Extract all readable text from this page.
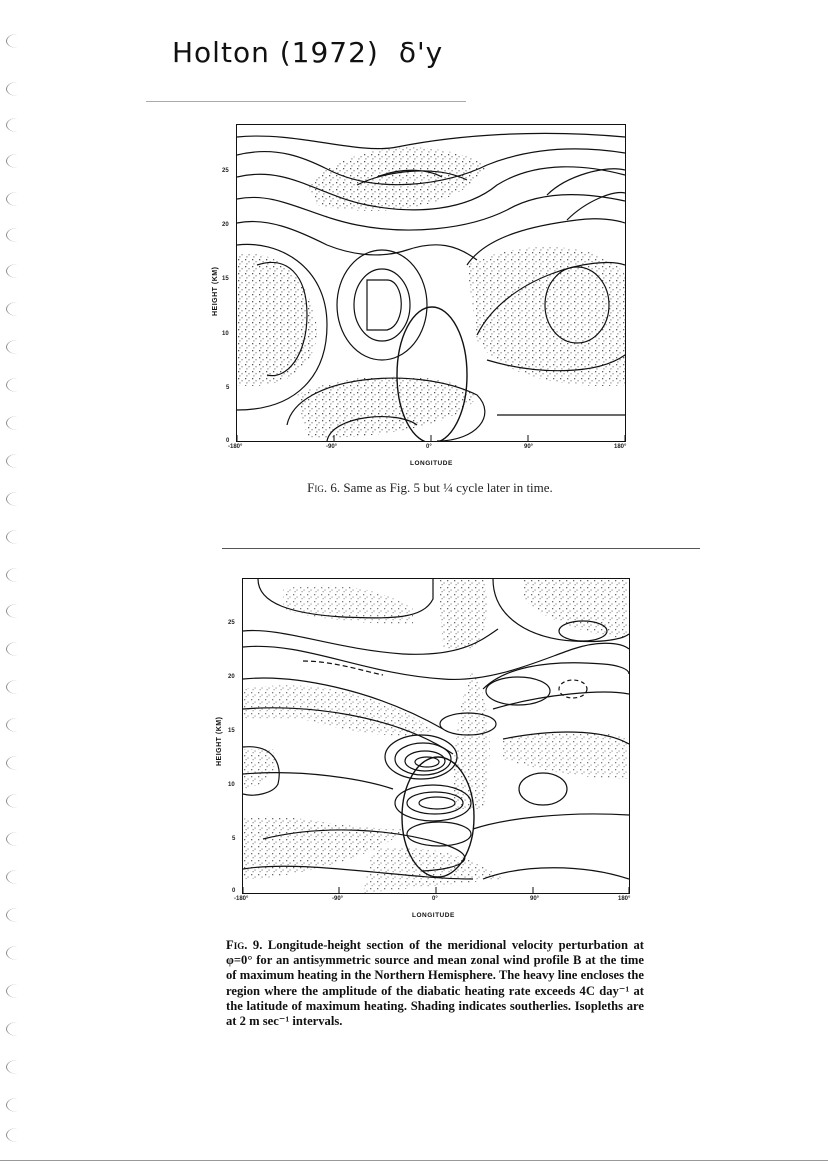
Holton (1972) δ'y
HEIGHT (KM)
25
20
15
10
5
0
-180°	-90°	0°	90°	180°
LONGITUDE
Fig. 6. Same as Fig. 5 but ¼ cycle later in time.
HEIGHT (KM)
25
20
15
10
5
0
-180°	-90°	0°	90°	180°
LONGITUDE
Fig. 9. Longitude-height section of the meridional velocity perturbation at φ=0° for an antisymmetric source and mean zonal wind profile B at the time of maximum heating in the Northern Hemisphere. The heavy line encloses the region where the amplitude of the diabatic heating rate exceeds 4C day⁻¹ at the latitude of maximum heating. Shading indicates southerlies. Isopleths are at 2 m sec⁻¹ intervals.
